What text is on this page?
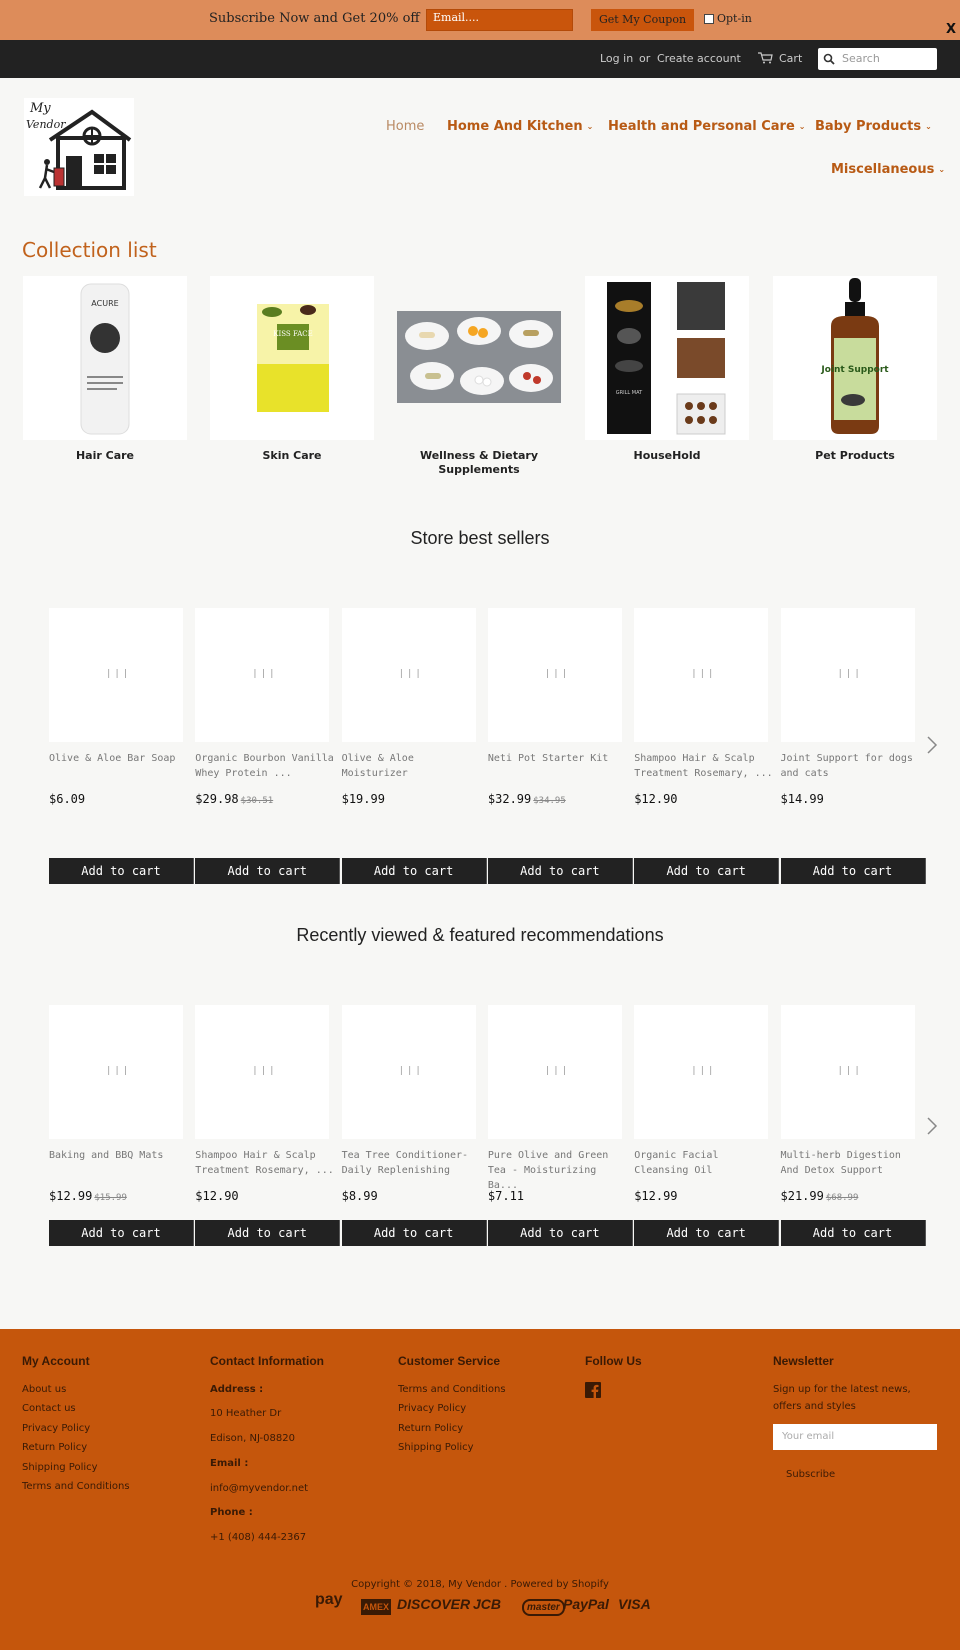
Subscribe Now and Get 20% off	Email....	Get My Coupon	Opt-in
X
Log in or Create account	Cart	Search
My
Vendor	Home Home And Kitchen ⌄ Health and Personal Care ⌄ Baby Products ⌄
Miscellaneous ⌄
Collection list
ACURE
Hair Care
KISS FACE
Skin Care	Wellness & Dietary Supplements
GRILL MAT
HouseHold
Joint Support
Pet Products
Store best sellers
|||
Olive & Aloe Bar Soap
$6.09
Add to cart
|||
Organic Bourbon Vanilla Whey Protein ...
$29.98 $30.51
Add to cart
|||
Olive & Aloe Moisturizer
$19.99
Add to cart
|||
Neti Pot Starter Kit
$32.99 $34.95
Add to cart
|||
Shampoo Hair & Scalp Treatment Rosemary, ...
$12.90
Add to cart
|||
Joint Support for dogs and cats
$14.99
Add to cart
Recently viewed & featured recommendations
|||
Baking and BBQ Mats
$12.99 $15.99
Add to cart
|||
Shampoo Hair & Scalp Treatment Rosemary, ...
$12.90
Add to cart
|||
Tea Tree Conditioner- Daily Replenishing
$8.99
Add to cart
|||
Pure Olive and Green Tea - Moisturizing Ba...
$7.11
Add to cart
|||
Organic Facial Cleansing Oil
$12.99
Add to cart
|||
Multi-herb Digestion And Detox Support
$21.99 $68.99
Add to cart
My Account
About us
Contact us
Privacy Policy
Return Policy
Shipping Policy
Terms and Conditions
Contact Information
Address :
10 Heather Dr
Edison, NJ-08820
Email :
info@myvendor.net
Phone :
+1 (408) 444-2367
Customer Service
Terms and Conditions
Privacy Policy
Return Policy
Shipping Policy
Follow Us	Newsletter
Sign up for the latest news,
offers and styles
Your email
Subscribe
Copyright © 2018, My Vendor . Powered by Shopify
pay AMEX DISCOVER JCB	master PayPal VISA
